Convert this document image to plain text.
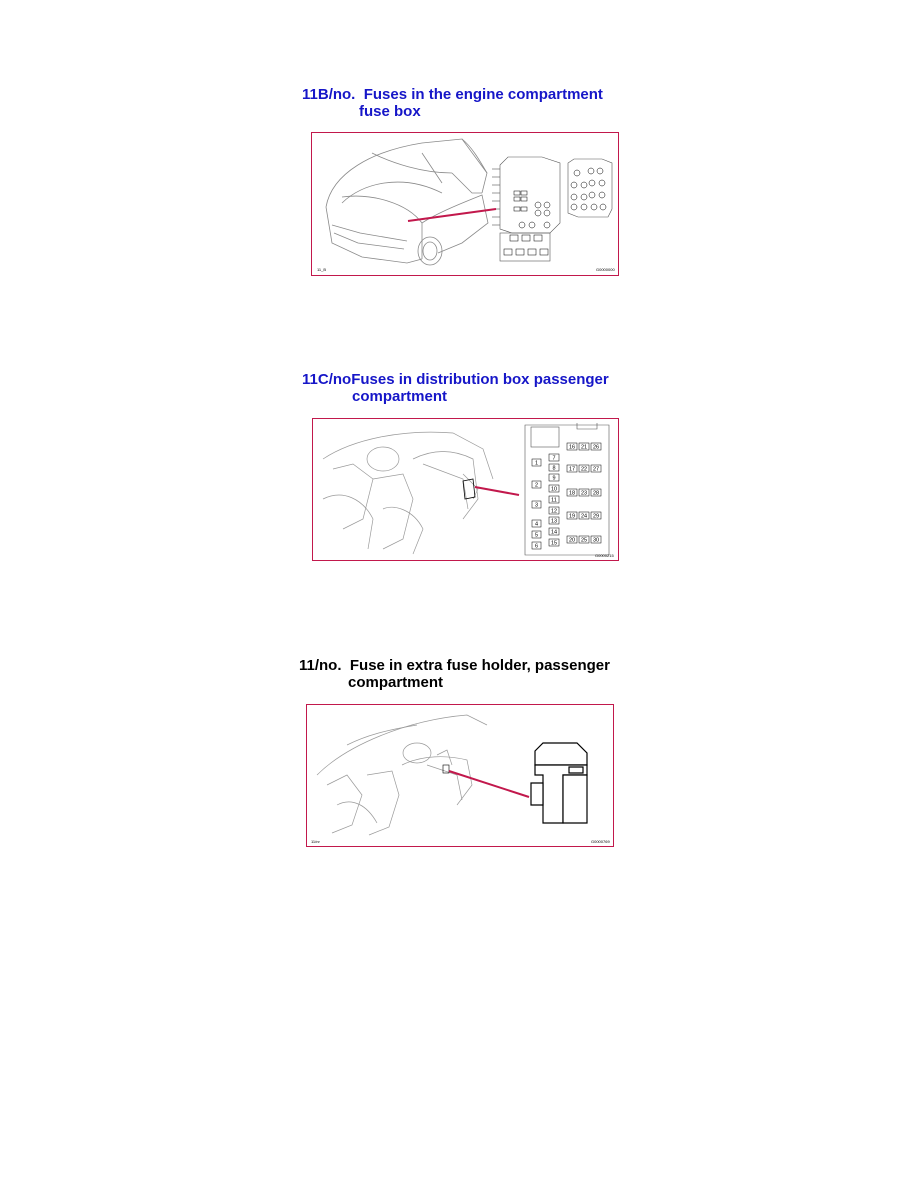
11B/no. Fuses in the engine compartment
fuse box
11_B	G0000000
11C/noFuses in distribution box passenger
compartment
1
2
3
4
5
6
7
8
9
10
11
12
13
14
15
16 21 26
17 22 27
18 23 28
19 24 29
20 25 30
G0000215
11/no. Fuse in extra fuse holder, passenger
compartment
11/nr	G0000769
